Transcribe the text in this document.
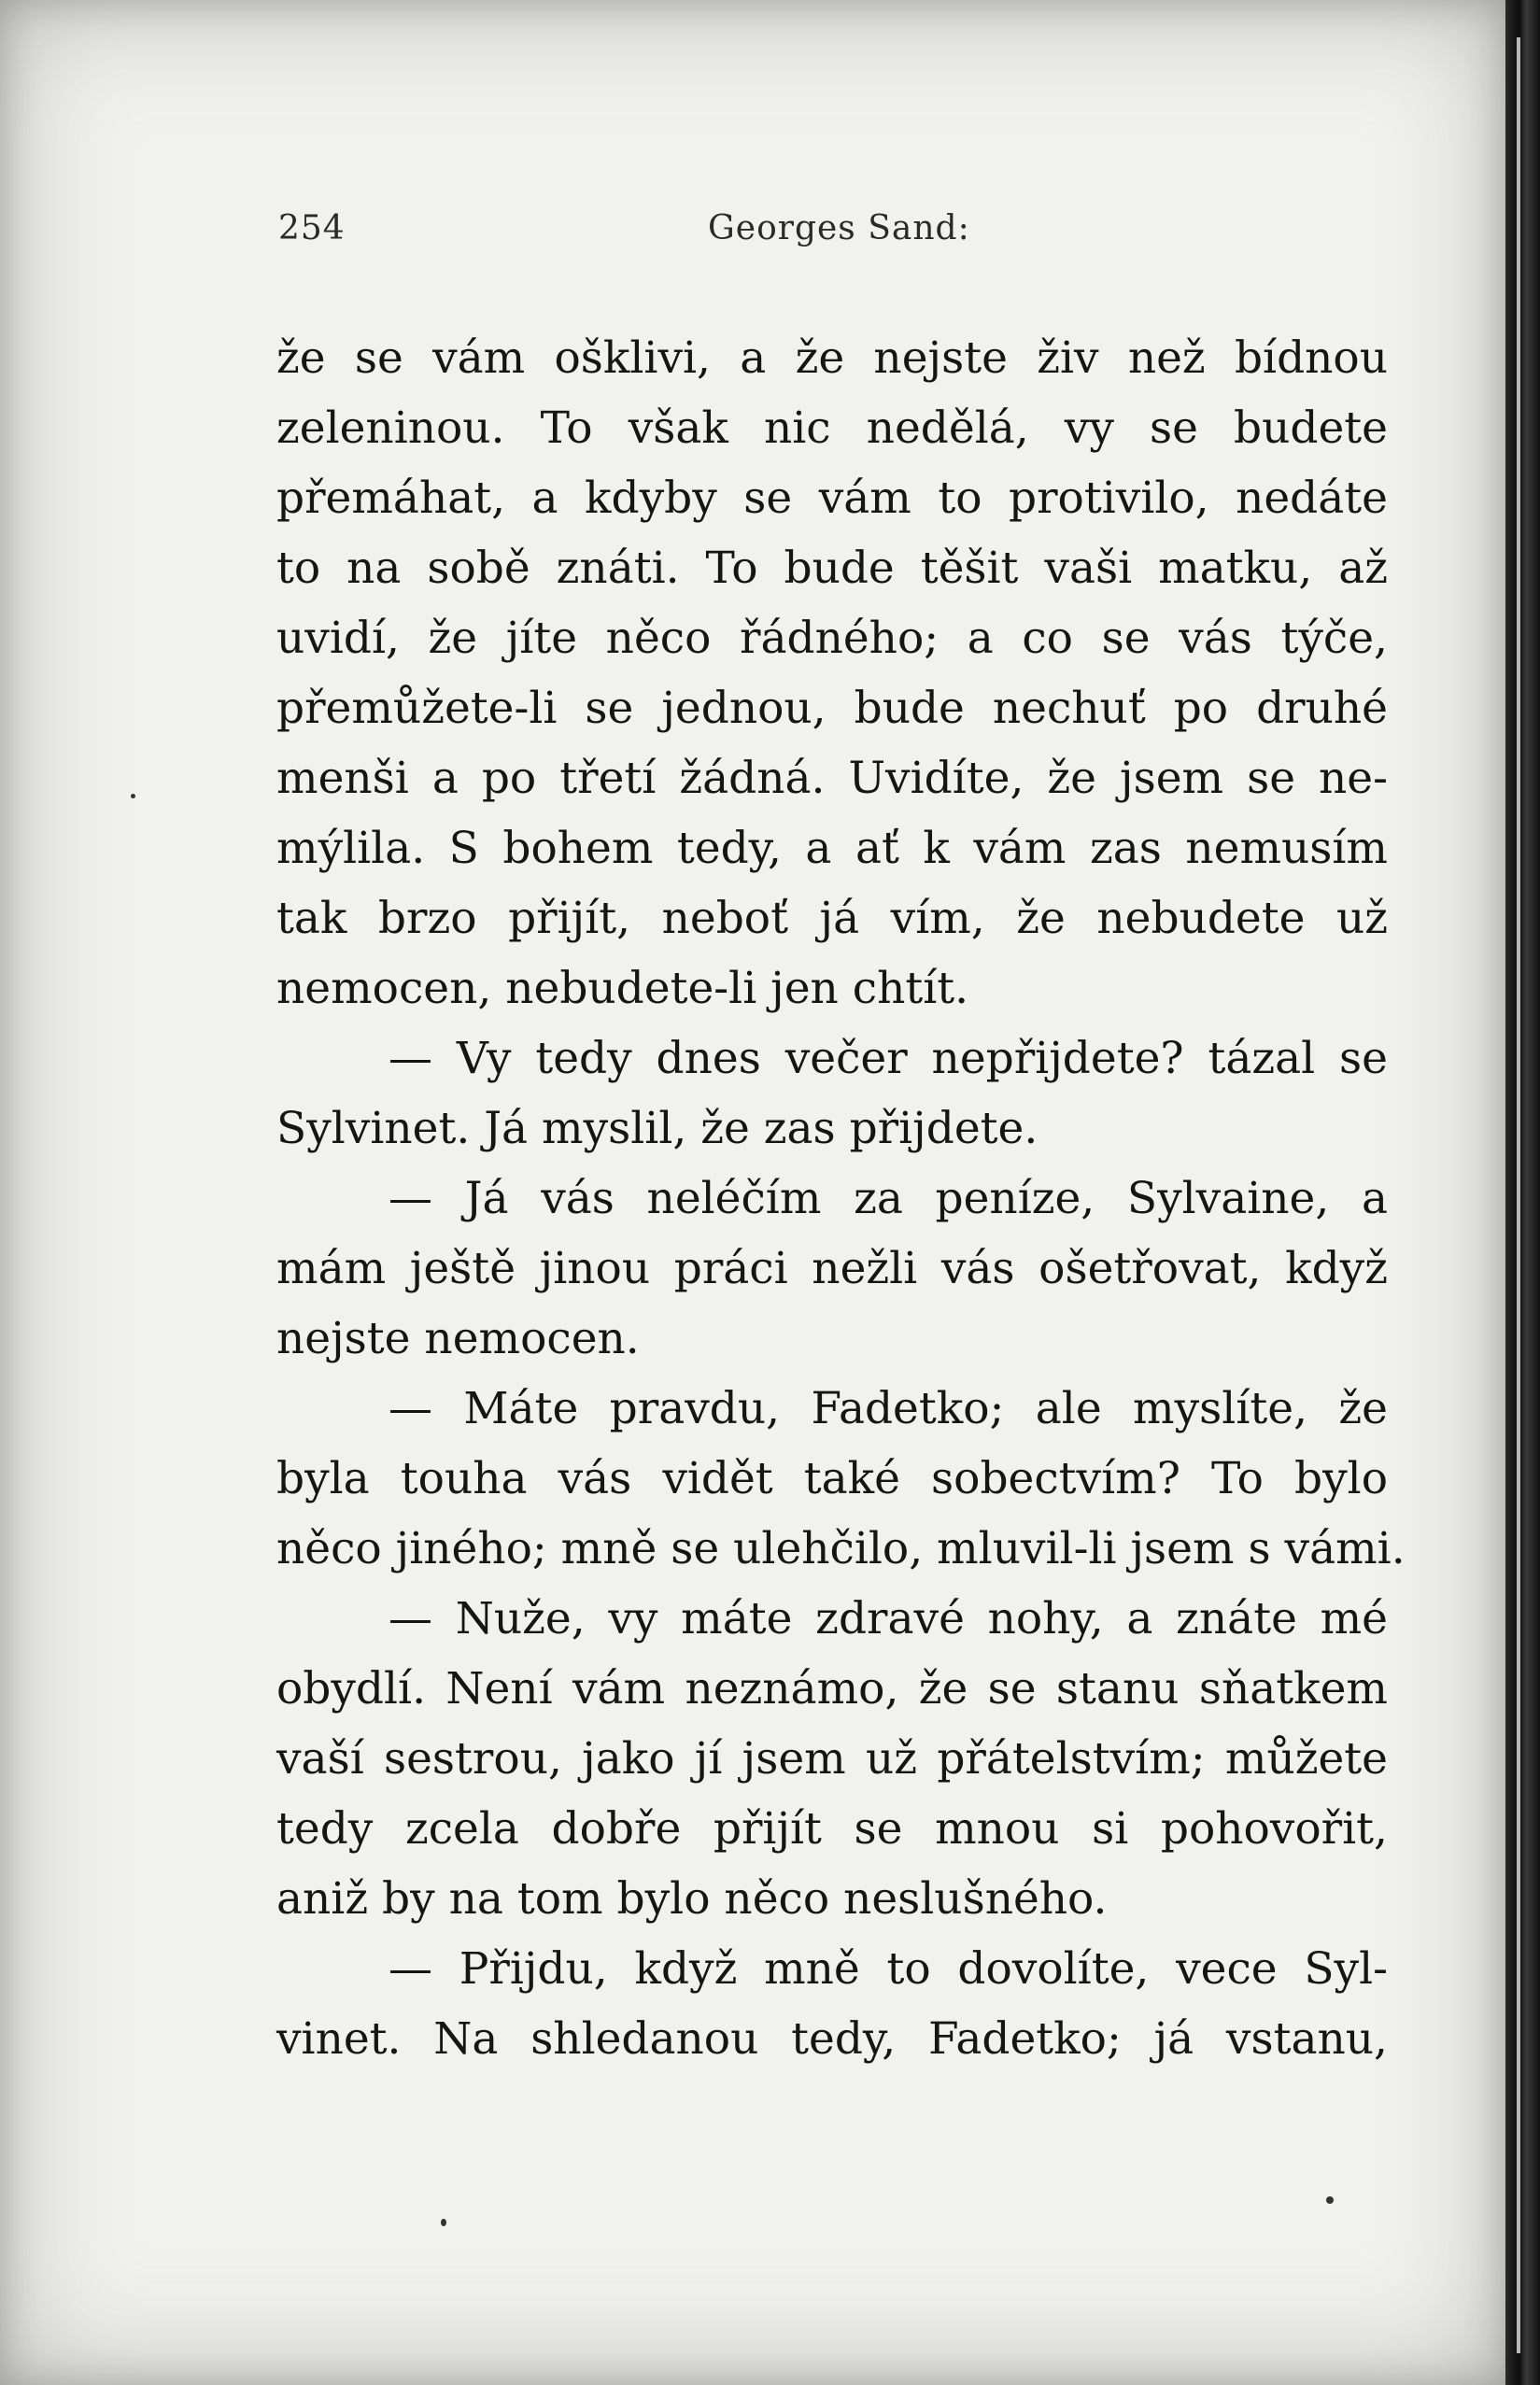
254	Georges Sand:
že se vám ošklivi, a že nejste živ než bídnou
zeleninou. To však nic nedělá, vy se budete
přemáhat, a kdyby se vám to protivilo, nedáte
to na sobě znáti. To bude těšit vaši matku, až
uvidí, že jíte něco řádného; a co se vás týče,
přemůžete-li se jednou, bude nechuť po druhé
menši a po třetí žádná. Uvidíte, že jsem se ne-
mýlila. S bohem tedy, a ať k vám zas nemusím
tak brzo přijít, neboť já vím, že nebudete už
nemocen, nebudete-li jen chtít.
— Vy tedy dnes večer nepřijdete? tázal se
Sylvinet. Já myslil, že zas přijdete.
— Já vás neléčím za peníze, Sylvaine, a
mám ještě jinou práci nežli vás ošetřovat, když
nejste nemocen.
— Máte pravdu, Fadetko; ale myslíte, že
byla touha vás vidět také sobectvím? To bylo
něco jiného; mně se ulehčilo, mluvil-li jsem s vámi.
— Nuže, vy máte zdravé nohy, a znáte mé
obydlí. Není vám neznámo, že se stanu sňatkem
vaší sestrou, jako jí jsem už přátelstvím; můžete
tedy zcela dobře přijít se mnou si pohovořit,
aniž by na tom bylo něco neslušného.
— Přijdu, když mně to dovolíte, vece Syl-
vinet. Na shledanou tedy, Fadetko; já vstanu,
